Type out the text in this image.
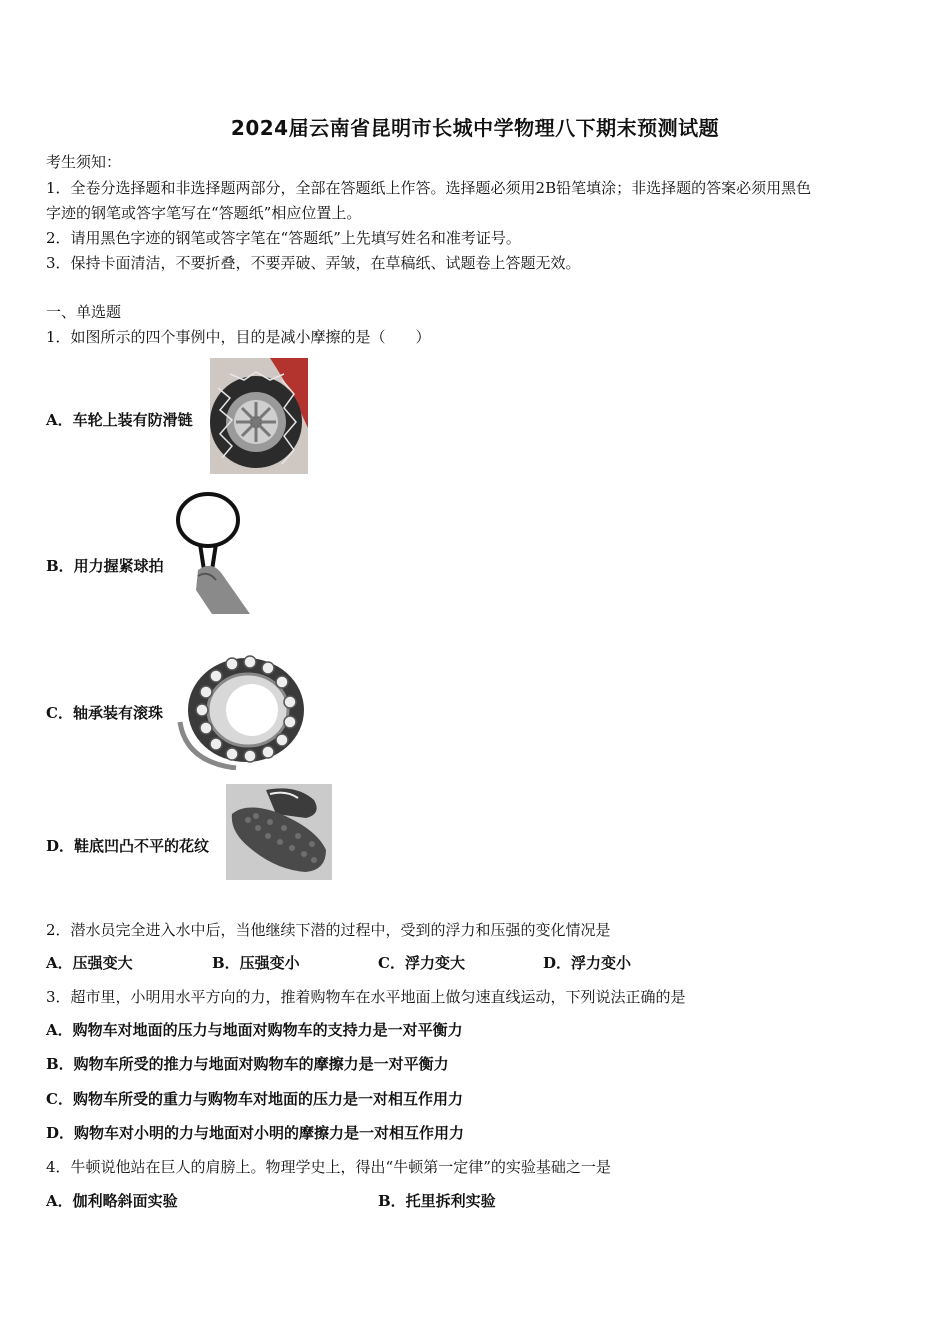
2024届云南省昆明市长城中学物理八下期末预测试题
考生须知：
1．全卷分选择题和非选择题两部分，全部在答题纸上作答。选择题必须用2B铅笔填涂；非选择题的答案必须用黑色
字迹的钢笔或答字笔写在“答题纸”相应位置上。
2．请用黑色字迹的钢笔或答字笔在“答题纸”上先填写姓名和准考证号。
3．保持卡面清洁，不要折叠，不要弄破、弄皱，在草稿纸、试题卷上答题无效。
一、单选题
1．如图所示的四个事例中，目的是减小摩擦的是（　　）
A．车轮上装有防滑链
B．用力握紧球拍
C．轴承装有滚珠
D．鞋底凹凸不平的花纹
2．潜水员完全进入水中后，当他继续下潜的过程中，受到的浮力和压强的变化情况是
A．压强变大	B．压强变小	C．浮力变大	D．浮力变小
3．超市里，小明用水平方向的力，推着购物车在水平地面上做匀速直线运动，下列说法正确的是
A．购物车对地面的压力与地面对购物车的支持力是一对平衡力
B．购物车所受的推力与地面对购物车的摩擦力是一对平衡力
C．购物车所受的重力与购物车对地面的压力是一对相互作用力
D．购物车对小明的力与地面对小明的摩擦力是一对相互作用力
4．牛顿说他站在巨人的肩膀上。物理学史上，得出“牛顿第一定律”的实验基础之一是
A．伽利略斜面实验	B．托里拆利实验
